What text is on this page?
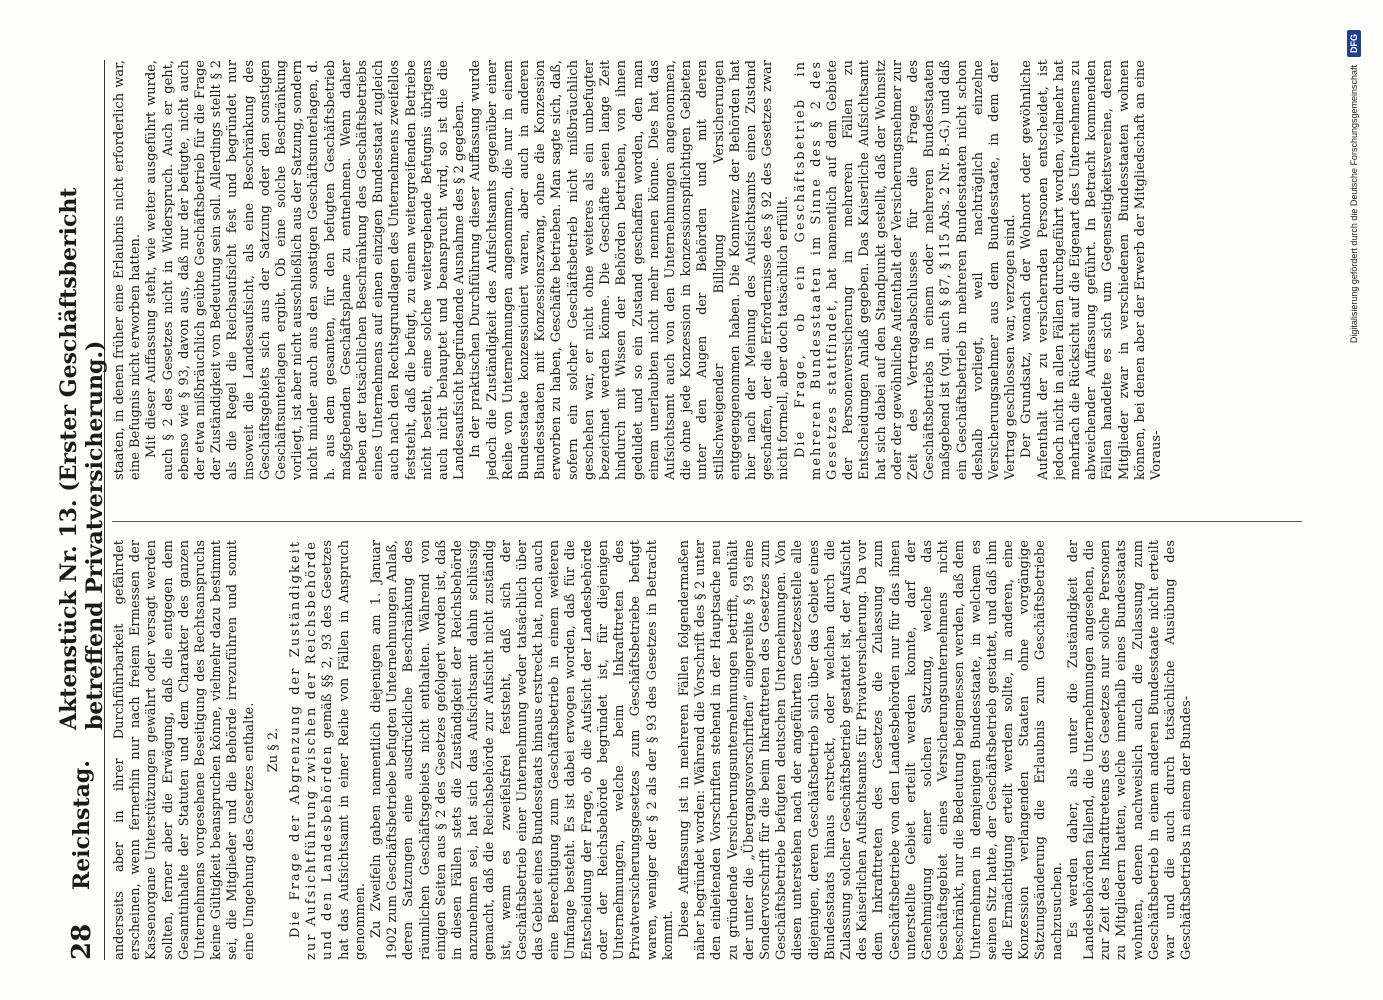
28
Reichstag.
Aktenstück Nr. 13. (Erster Geschäftsbericht betreffend Privatversicherung.)

anderseits aber in ihrer Durchführbarkeit gefährdet erscheinen, wenn fernerhin nur nach freiem Ermessen der Kassenorgane Unterstützungen gewährt oder versagt werden sollten, ferner aber die Erwägung, daß die entgegen dem Gesamtinhalte der Statuten und dem Charakter des ganzen Unternehmens vorgesehene Beseitigung des Rechtsanspruchs keine Gültigkeit beanspruchen könne, vielmehr dazu bestimmt sei, die Mitglieder und die Behörde irrezuführen und somit eine Umgehung des Gesetzes enthalte. Zu § 2. Die Frage der Abgrenzung der Zuständigkeit zur Aufsichtführung zwischen der Reichsbehörde und den Landesbehörden gemäß §§ 2, 93 des Gesetzes hat das Aufsichtsamt in einer Reihe von Fällen in Anspruch genommen. Zu Zweifeln gaben namentlich diejenigen am 1. Januar 1902 zum Geschäftsbetriebe befugten Unternehmungen Anlaß, deren Satzungen eine ausdrückliche Beschränkung des räumlichen Geschäftsgebiets nicht enthalten. Während von einigen Seiten aus § 2 des Gesetzes gefolgert worden ist, daß in diesen Fällen stets die Zuständigkeit der Reichsbehörde anzunehmen sei, hat sich das Aufsichtsamt dahin schlüssig gemacht, daß die Reichsbehörde zur Aufsicht nicht zuständig ist, wenn es zweifelsfrei feststeht, daß sich der Geschäftsbetrieb einer Unternehmung weder tatsächlich über das Gebiet eines Bundesstaats hinaus erstreckt hat, noch auch eine Berechtigung zum Geschäftsbetrieb in einem weiteren Umfange besteht. Es ist dabei erwogen worden, daß für die Entscheidung der Frage, ob die Aufsicht der Landesbehörde oder der Reichsbehörde begründet ist, für diejenigen Unternehmungen, welche beim Inkrafttreten des Privatversicherungsgesetzes zum Geschäftsbetriebe befugt waren, weniger der § 2 als der § 93 des Gesetzes in Betracht kommt. Diese Auffassung ist in mehreren Fällen folgendermaßen näher begründet worden: Während die Vorschrift des § 2 unter den einleitenden Vorschriften stehend in der Hauptsache neu zu gründende Versicherungsunternehmungen betrifft, enthält der unter die „Übergangsvorschriften“ eingereihte § 93 eine Sondervorschrift für die beim Inkrafttreten des Gesetzes zum Geschäftsbetriebe befugten deutschen Unternehmungen. Von diesen unterstehen nach der angeführten Gesetzesstelle alle diejenigen, deren Geschäftsbetrieb sich über das Gebiet eines Bundesstaats hinaus erstreckt, oder welchen durch die Zulassung solcher Geschäftsbetrieb gestattet ist, der Aufsicht des Kaiserlichen Aufsichtsamts für Privatversicherung. Da vor dem Inkrafttreten des Gesetzes die Zulassung zum Geschäftsbetriebe von den Landesbehörden nur für das ihnen unterstellte Gebiet erteilt werden konnte, darf der Genehmigung einer solchen Satzung, welche das Geschäftsgebiet eines Versicherungsunternehmens nicht beschränkt, nur die Bedeutung beigemessen werden, daß dem Unternehmen in demjenigen Bundesstaate, in welchem es seinen Sitz hatte, der Geschäftsbetrieb gestattet, und daß ihm die Ermächtigung erteilt werden sollte, in anderen, eine Konzession verlangenden Staaten ohne vorgängige Satzungsänderung die Erlaubnis zum Geschäftsbetriebe nachzusuchen. Es werden daher, als unter die Zuständigkeit der Landesbehörden fallend, die Unternehmungen angesehen, die zur Zeit des Inkrafttretens des Gesetzes nur solche Personen zu Mitgliedern hatten, welche innerhalb eines Bundesstaats wohnten, denen nachweislich auch die Zulassung zum Geschäftsbetrieb in einem anderen Bundesstaate nicht erteilt war und die auch durch tatsächliche Ausübung des Geschäftsbetriebs in einem der Bundes-

staaten, in denen früher eine Erlaubnis nicht erforderlich war, eine Befugnis nicht erworben hatten. Mit dieser Auffassung steht, wie weiter ausgeführt wurde, auch § 2 des Gesetzes nicht in Widerspruch. Auch er geht, ebenso wie § 93, davon aus, daß nur der befugte, nicht auch der etwa mißbräuchlich geübte Geschäftsbetrieb für die Frage der Zuständigkeit von Bedeutung sein soll. Allerdings stellt § 2 als die Regel die Reichsaufsicht fest und begründet nur insoweit die Landesaufsicht, als eine Beschränkung des Geschäftsgebiets sich aus der Satzung oder den sonstigen Geschäftsunterlagen ergibt. Ob eine solche Beschränkung vorliegt, ist aber nicht ausschließlich aus der Satzung, sondern nicht minder auch aus den sonstigen Geschäftsunterlagen, d. h. aus dem gesamten, für den befugten Geschäftsbetrieb maßgebenden Geschäftsplane zu entnehmen. Wenn daher neben der tatsächlichen Beschränkung des Geschäftsbetriebs eines Unternehmens auf einen einzigen Bundesstaat zugleich auch nach den Rechtsgrundlagen des Unternehmens zweifellos feststeht, daß die befugt, zu einem weitergreifenden Betriebe nicht besteht, eine solche weitergehende Befugnis übrigens auch nicht behauptet und beansprucht wird, so ist die die Landesaufsicht begründende Ausnahme des § 2 gegeben. In der praktischen Durchführung dieser Auffassung wurde jedoch die Zuständigkeit des Aufsichtsamts gegenüber einer Reihe von Unternehmungen angenommen, die nur in einem Bundesstaate konzessioniert waren, aber auch in anderen Bundesstaaten mit Konzessionszwang, ohne die Konzession erworben zu haben, Geschäfte betrieben. Man sagte sich, daß, sofern ein solcher Geschäftsbetrieb nicht mißbräuchlich geschehen war, er nicht ohne weiteres als ein unbefugter bezeichnet werden könne. Die Geschäfte seien lange Zeit hindurch mit Wissen der Behörden betrieben, von ihnen geduldet und so ein Zustand geschaffen worden, den man einem unerlaubten nicht mehr nennen könne. Dies hat das Aufsichtsamt auch von den Unternehmungen angenommen, die ohne jede Konzession in konzessionspflichtigen Gebieten unter den Augen der Behörden und mit deren stillschweigender Billigung Versicherungen entgegengenommen haben. Die Konnivenz der Behörden hat hier nach der Meinung des Aufsichtsamts einen Zustand geschaffen, der die Erfordernisse des § 92 des Gesetzes zwar nicht formell, aber doch tatsächlich erfüllt. Die Frage, ob ein Geschäftsbetrieb in mehreren Bundesstaaten im Sinne des § 2 des Gesetzes stattfindet, hat namentlich auf dem Gebiete der Personenversicherung in mehreren Fällen zu Entscheidungen Anlaß gegeben. Das Kaiserliche Aufsichtsamt hat sich dabei auf den Standpunkt gestellt, daß der Wohnsitz oder der gewöhnliche Aufenthalt der Versicherungsnehmer zur Zeit des Vertragsabschlusses für die Frage des Geschäftsbetriebs in einem oder mehreren Bundesstaaten maßgebend ist (vgl. auch § 87, § 115 Abs. 2 Nr. B.-G.) und daß ein Geschäftsbetrieb in mehreren Bundesstaaten nicht schon deshalb vorliegt, weil nachträglich einzelne Versicherungsnehmer aus dem Bundesstaate, in dem der Vertrag geschlossen war, verzogen sind. Der Grundsatz, wonach der Wohnort oder gewöhnliche Aufenthalt der zu versichernden Personen entscheidet, ist jedoch nicht in allen Fällen durchgeführt worden, vielmehr hat mehrfach die Rücksicht auf die Eigenart des Unternehmens zu abweichender Auffassung geführt. In Betracht kommenden Fällen handelte es sich um Gegenseitigkeitsvereine, deren Mitglieder zwar in verschiedenen Bundesstaaten wohnen können, bei denen aber der Erwerb der Mitgliedschaft an eine Voraus-

Digitalisierung gefördert durch die Deutsche Forschungsgemeinschaft
DFG
